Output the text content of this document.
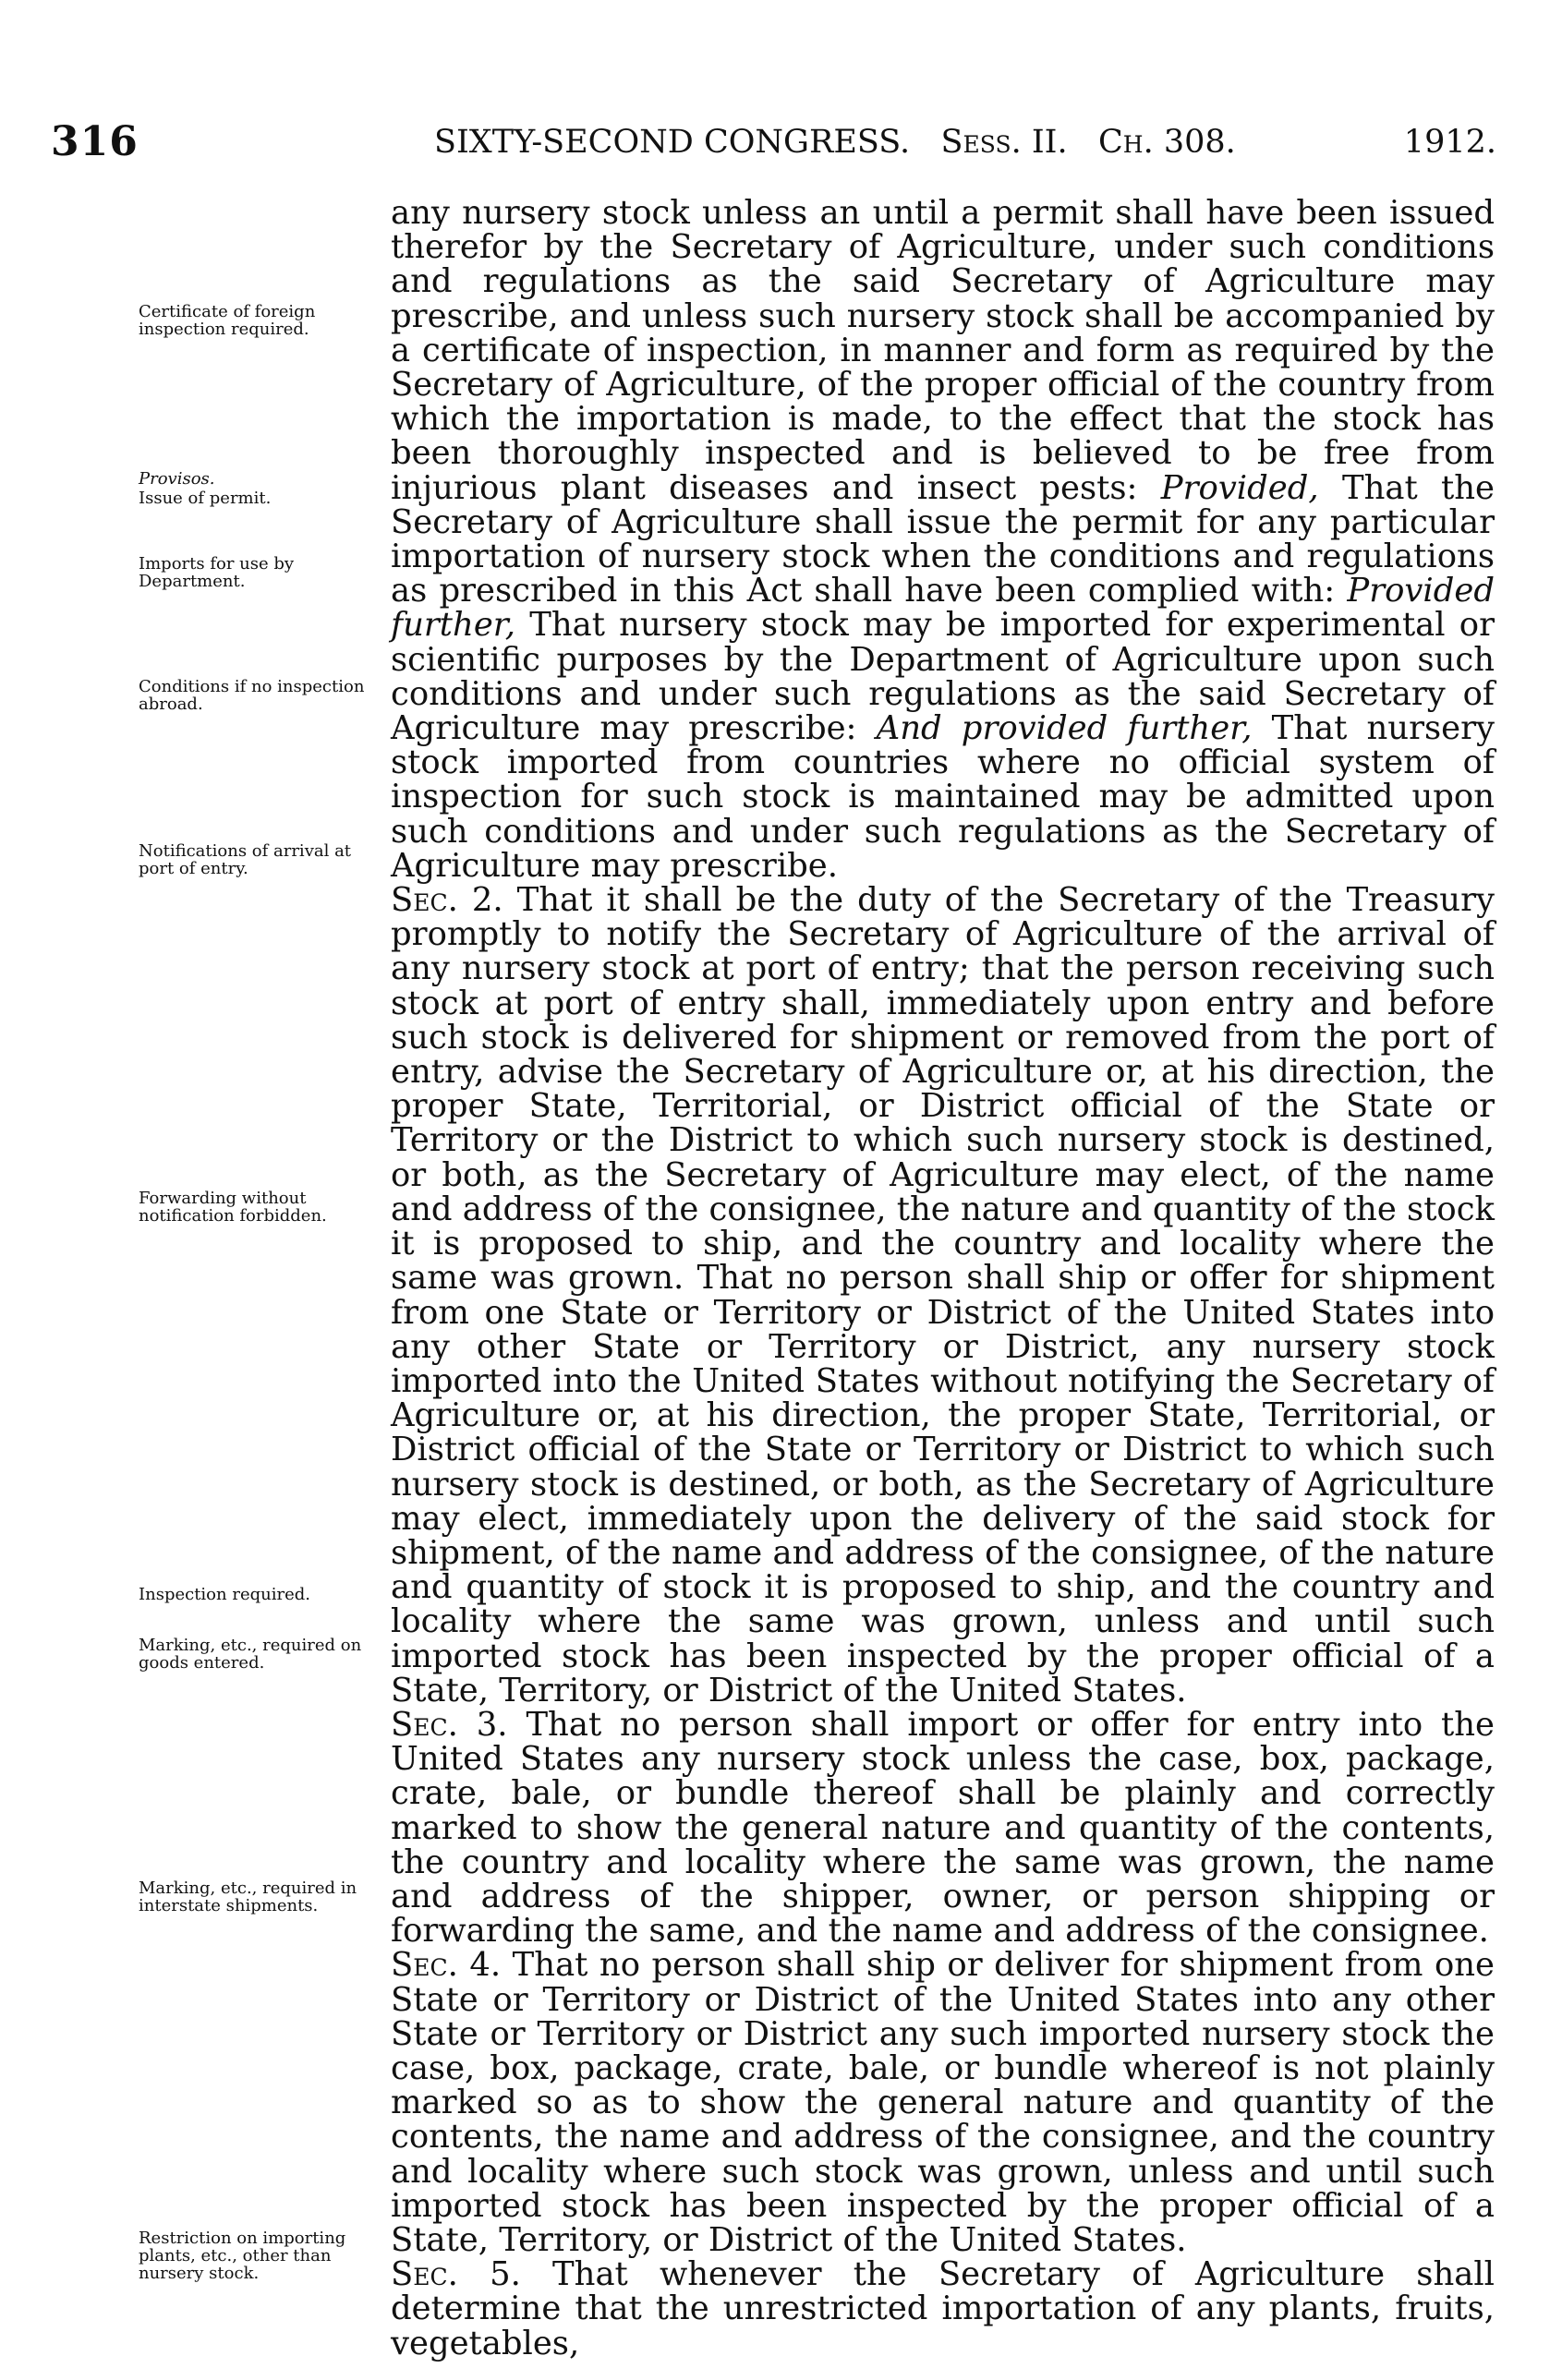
316	SIXTY-SECOND CONGRESS. Sess. II. Ch. 308.	1912.
Certificate of foreign inspection required.
Provisos.
Issue of permit.
Imports for use by Department.
Conditions if no inspection abroad.
Notifications of arrival at port of entry.
Forwarding without notification forbidden.
Inspection required.
Marking, etc., required on goods entered.
Marking, etc., required in interstate shipments.
Restriction on importing plants, etc., other than nursery stock.

any nursery stock unless an until a permit shall have been issued therefor by the Secretary of Agriculture, under such conditions and regulations as the said Secretary of Agriculture may prescribe, and unless such nursery stock shall be accompanied by a certificate of inspection, in manner and form as required by the Secretary of Agriculture, of the proper official of the country from which the importation is made, to the effect that the stock has been thoroughly inspected and is believed to be free from injurious plant diseases and insect pests: Provided, That the Secretary of Agriculture shall issue the permit for any particular importation of nursery stock when the conditions and regulations as prescribed in this Act shall have been complied with: Provided further, That nursery stock may be imported for experimental or scientific purposes by the Department of Agriculture upon such conditions and under such regulations as the said Secretary of Agriculture may prescribe: And provided further, That nursery stock imported from countries where no official system of inspection for such stock is maintained may be admitted upon such conditions and under such regulations as the Secretary of Agriculture may prescribe.

Sec. 2. That it shall be the duty of the Secretary of the Treasury promptly to notify the Secretary of Agriculture of the arrival of any nursery stock at port of entry; that the person receiving such stock at port of entry shall, immediately upon entry and before such stock is delivered for shipment or removed from the port of entry, advise the Secretary of Agriculture or, at his direction, the proper State, Territorial, or District official of the State or Territory or the District to which such nursery stock is destined, or both, as the Secretary of Agriculture may elect, of the name and address of the consignee, the nature and quantity of the stock it is proposed to ship, and the country and locality where the same was grown. That no person shall ship or offer for shipment from one State or Territory or District of the United States into any other State or Territory or District, any nursery stock imported into the United States without notifying the Secretary of Agriculture or, at his direction, the proper State, Territorial, or District official of the State or Territory or District to which such nursery stock is destined, or both, as the Secretary of Agriculture may elect, immediately upon the delivery of the said stock for shipment, of the name and address of the consignee, of the nature and quantity of stock it is proposed to ship, and the country and locality where the same was grown, unless and until such imported stock has been inspected by the proper official of a State, Territory, or District of the United States.

Sec. 3. That no person shall import or offer for entry into the United States any nursery stock unless the case, box, package, crate, bale, or bundle thereof shall be plainly and correctly marked to show the general nature and quantity of the contents, the country and locality where the same was grown, the name and address of the shipper, owner, or person shipping or forwarding the same, and the name and address of the consignee.

Sec. 4. That no person shall ship or deliver for shipment from one State or Territory or District of the United States into any other State or Territory or District any such imported nursery stock the case, box, package, crate, bale, or bundle whereof is not plainly marked so as to show the general nature and quantity of the contents, the name and address of the consignee, and the country and locality where such stock was grown, unless and until such imported stock has been inspected by the proper official of a State, Territory, or District of the United States.

Sec. 5. That whenever the Secretary of Agriculture shall determine that the unrestricted importation of any plants, fruits, vegetables,
